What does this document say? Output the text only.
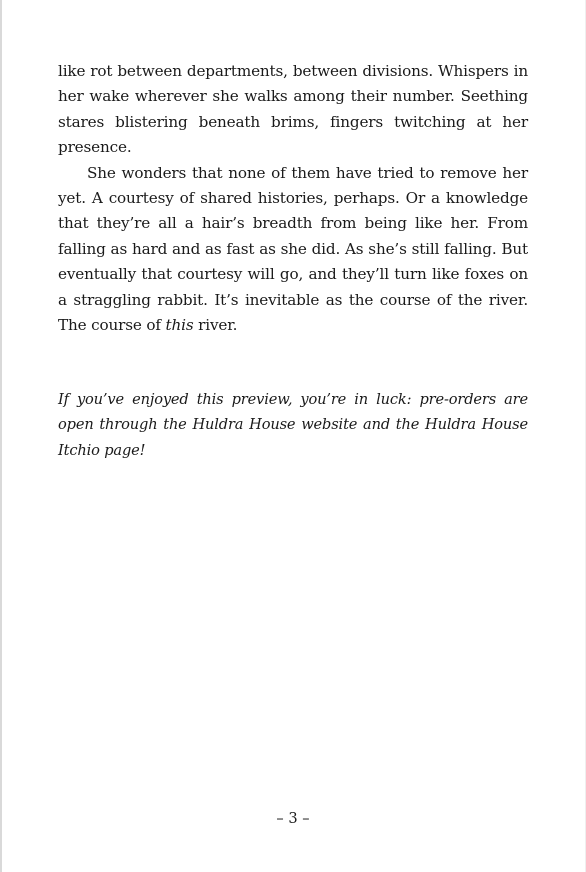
like rot between departments, between divisions. Whispers in her wake wherever she walks among their number. Seething stares blistering beneath brims, fingers twitching at her presence.

She wonders that none of them have tried to remove her yet. A courtesy of shared histories, perhaps. Or a knowledge that they’re all a hair’s breadth from being like her. From falling as hard and as fast as she did. As she’s still falling. But eventually that courtesy will go, and they’ll turn like foxes on a straggling rabbit. It’s inevitable as the course of the river. The course of this river.

If you’ve enjoyed this preview, you’re in luck: pre-orders are open through the Huldra House website and the Huldra House Itchio page!

– 3 –
